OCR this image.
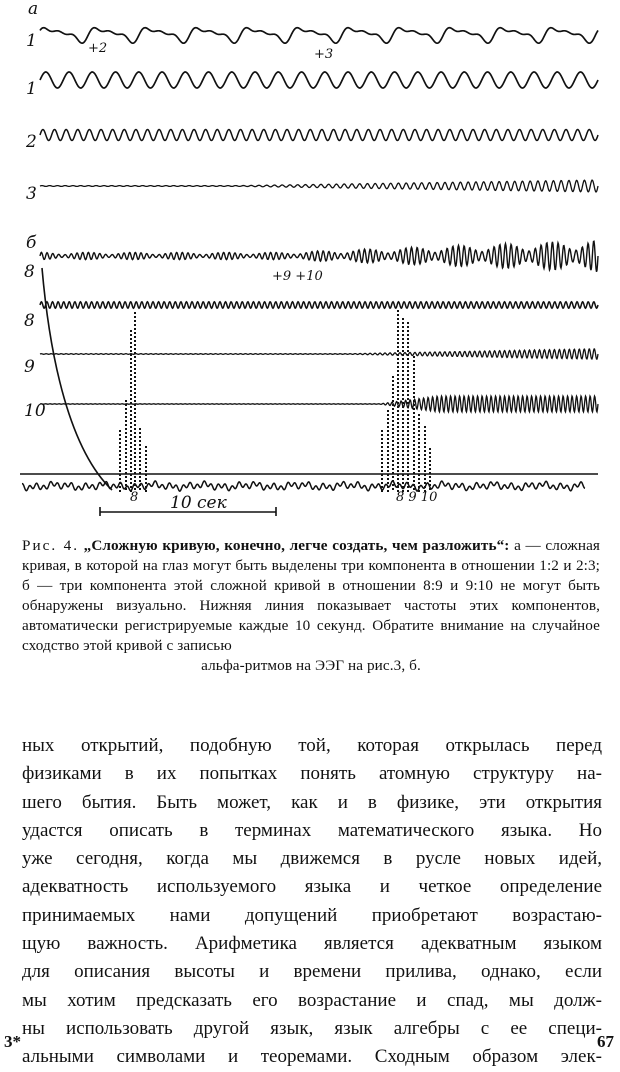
а
1	+2	+3
1
2
3
б
8	+9 +10
8
9
10
8	8 9 10
10 сек
Рис. 4. „Сложную кривую, конечно, легче создать, чем разложить“: а — сложная кривая, в которой на глаз могут быть выделены три компонента в отношении 1:2 и 2:3; б — три компонента этой сложной кривой в отношении 8:9 и 9:10 не могут быть обнаружены визуально. Нижняя линия показывает частоты этих компонентов, автоматически регистрируемые каждые 10 секунд. Обратите внимание на случайное сходство этой кривой с записью
альфа-ритмов на ЭЭГ на рис.3, б.
ных открытий, подобную той, которая открылась перед
физиками в их попытках понять атомную структуру на-
шего бытия. Быть может, как и в физике, эти открытия
удастся описать в терминах математического языка. Но
уже сегодня, когда мы движемся в русле новых идей,
адекватность используемого языка и четкое определение
принимаемых нами допущений приобретают возрастаю-
щую важность. Арифметика является адекватным языком
для описания высоты и времени прилива, однако, если
мы хотим предсказать его возрастание и спад, мы долж-
ны использовать другой язык, язык алгебры с ее специ-
альными символами и теоремами. Сходным образом элек-
3*	67
